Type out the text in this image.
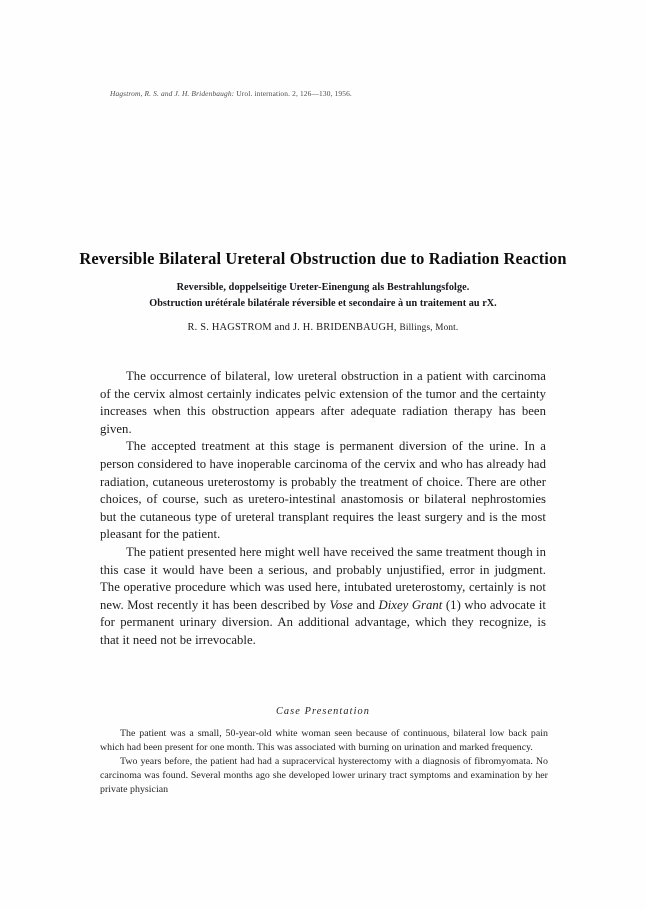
Hagstrom, R. S. and J. H. Bridenbaugh: Urol. internation. 2, 126—130, 1956.
Reversible Bilateral Ureteral Obstruction due to Radiation Reaction
Reversible, doppelseitige Ureter-Einengung als Bestrahlungsfolge.
Obstruction urétérale bilatérale réversible et secondaire à un traitement au rX.
R. S. HAGSTROM and J. H. BRIDENBAUGH, Billings, Mont.

The occurrence of bilateral, low ureteral obstruction in a patient with carcinoma of the cervix almost certainly indicates pelvic extension of the tumor and the certainty increases when this obstruction appears after adequate radiation therapy has been given.

The accepted treatment at this stage is permanent diversion of the urine. In a person considered to have inoperable carcinoma of the cervix and who has already had radiation, cutaneous ureterostomy is probably the treatment of choice. There are other choices, of course, such as uretero-intestinal anastomosis or bilateral nephrostomies but the cutaneous type of ureteral transplant requires the least surgery and is the most pleasant for the patient.

The patient presented here might well have received the same treatment though in this case it would have been a serious, and probably unjustified, error in judgment. The operative procedure which was used here, intubated ureterostomy, certainly is not new. Most recently it has been described by Vose and Dixey Grant (1) who advocate it for permanent urinary diversion. An additional advantage, which they recognize, is that it need not be irrevocable.

Case Presentation

The patient was a small, 50-year-old white woman seen because of continuous, bilateral low back pain which had been present for one month. This was associated with burning on urination and marked frequency.

Two years before, the patient had had a supracervical hysterectomy with a diagnosis of fibromyomata. No carcinoma was found. Several months ago she developed lower urinary tract symptoms and examination by her private physician
